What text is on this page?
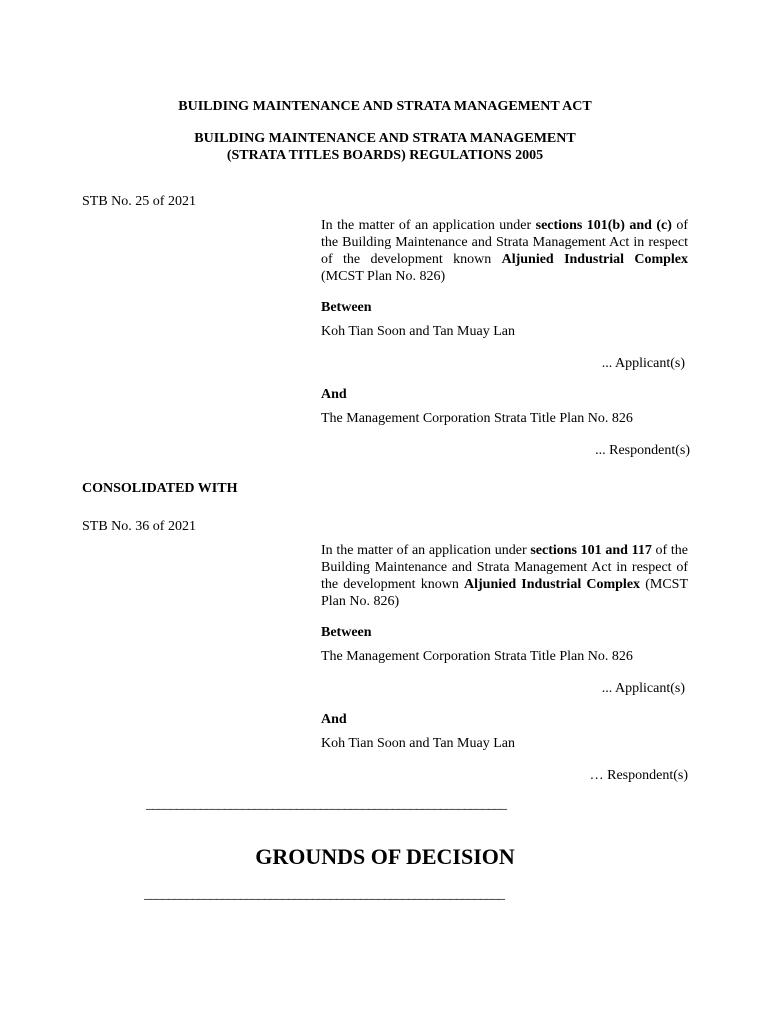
BUILDING MAINTENANCE AND STRATA MANAGEMENT ACT
BUILDING MAINTENANCE AND STRATA MANAGEMENT
(STRATA TITLES BOARDS) REGULATIONS 2005
STB No. 25 of 2021
In the matter of an application under sections 101(b) and (c) of the Building Maintenance and Strata Management Act in respect of the development known Aljunied Industrial Complex (MCST Plan No. 826)
Between
Koh Tian Soon and Tan Muay Lan
... Applicant(s)
And
The Management Corporation Strata Title Plan No. 826
... Respondent(s)
CONSOLIDATED WITH
STB No. 36 of 2021
In the matter of an application under sections 101 and 117 of the Building Maintenance and Strata Management Act in respect of the development known Aljunied Industrial Complex (MCST Plan No. 826)
Between
The Management Corporation Strata Title Plan No. 826
... Applicant(s)
And
Koh Tian Soon and Tan Muay Lan
… Respondent(s)
____________________________________________________________
GROUNDS OF DECISION
____________________________________________________________
